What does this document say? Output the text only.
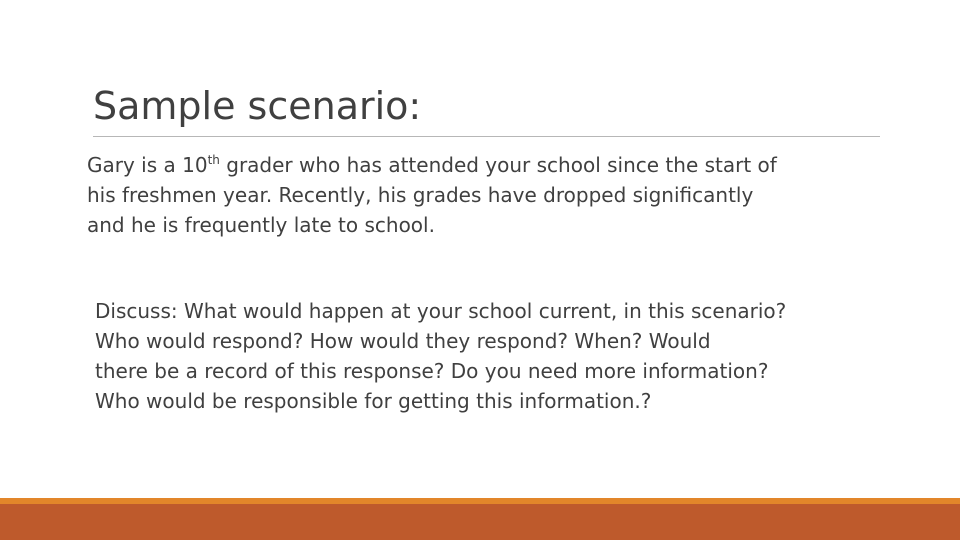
Sample scenario:
Gary is a 10th grader who has attended your school since the start of
his freshmen year. Recently, his grades have dropped significantly
and he is frequently late to school.
Discuss: What would happen at your school current, in this scenario?
Who would respond? How would they respond? When? Would
there be a record of this response? Do you need more information?
Who would be responsible for getting this information.?
